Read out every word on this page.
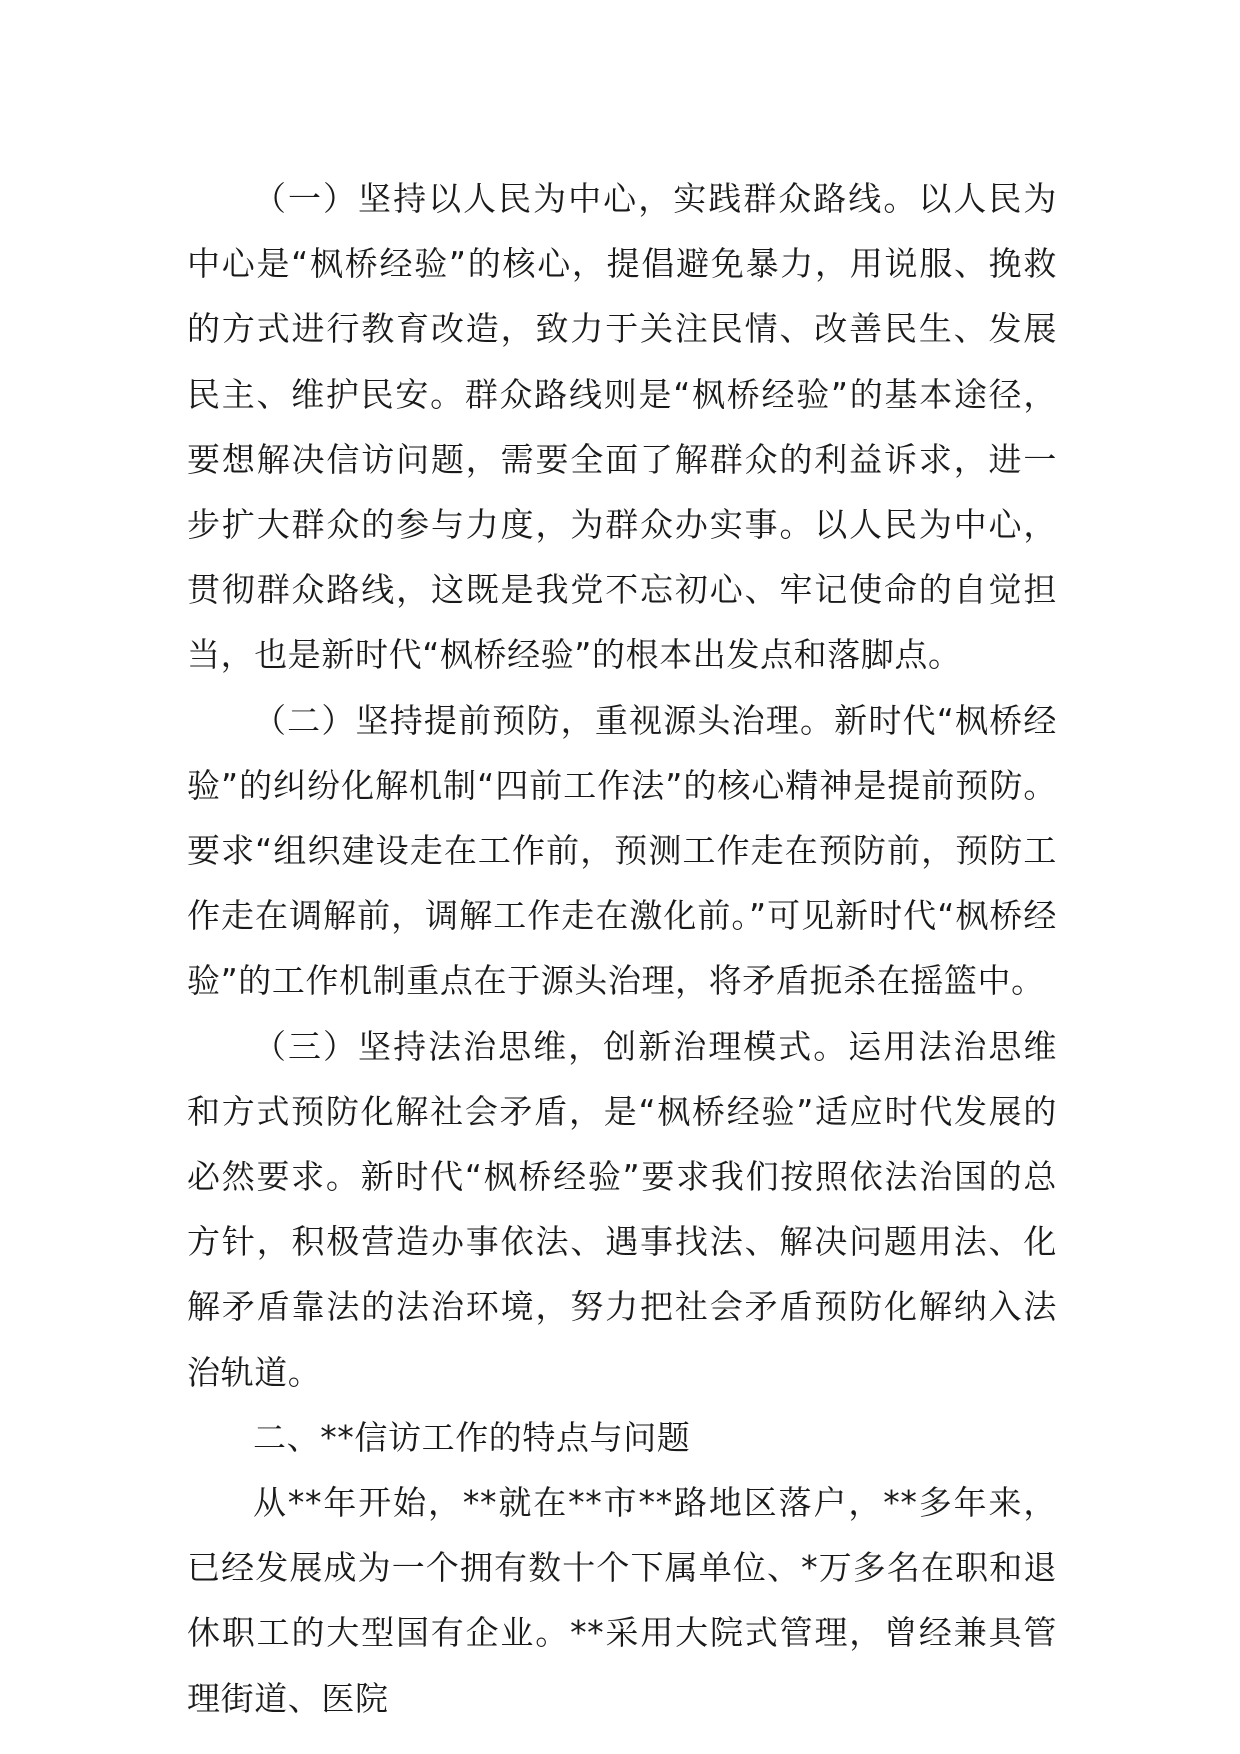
（一）坚持以人民为中心，实践群众路线。以人民为中心是“枫桥经验”的核心，提倡避免暴力，用说服、挽救的方式进行教育改造，致力于关注民情、改善民生、发展民主、维护民安。群众路线则是“枫桥经验”的基本途径，要想解决信访问题，需要全面了解群众的利益诉求，进一步扩大群众的参与力度，为群众办实事。以人民为中心，贯彻群众路线，这既是我党不忘初心、牢记使命的自觉担当，也是新时代“枫桥经验”的根本出发点和落脚点。

（二）坚持提前预防，重视源头治理。新时代“枫桥经验”的纠纷化解机制“四前工作法”的核心精神是提前预防。要求“组织建设走在工作前，预测工作走在预防前，预防工作走在调解前，调解工作走在激化前。”可见新时代“枫桥经验”的工作机制重点在于源头治理，将矛盾扼杀在摇篮中。

（三）坚持法治思维，创新治理模式。运用法治思维和方式预防化解社会矛盾，是“枫桥经验”适应时代发展的必然要求。新时代“枫桥经验”要求我们按照依法治国的总方针，积极营造办事依法、遇事找法、解决问题用法、化解矛盾靠法的法治环境，努力把社会矛盾预防化解纳入法治轨道。

二、**信访工作的特点与问题

从**年开始，**就在**市**路地区落户，**多年来，已经发展成为一个拥有数十个下属单位、*万多名在职和退休职工的大型国有企业。**采用大院式管理，曾经兼具管理街道、医院
